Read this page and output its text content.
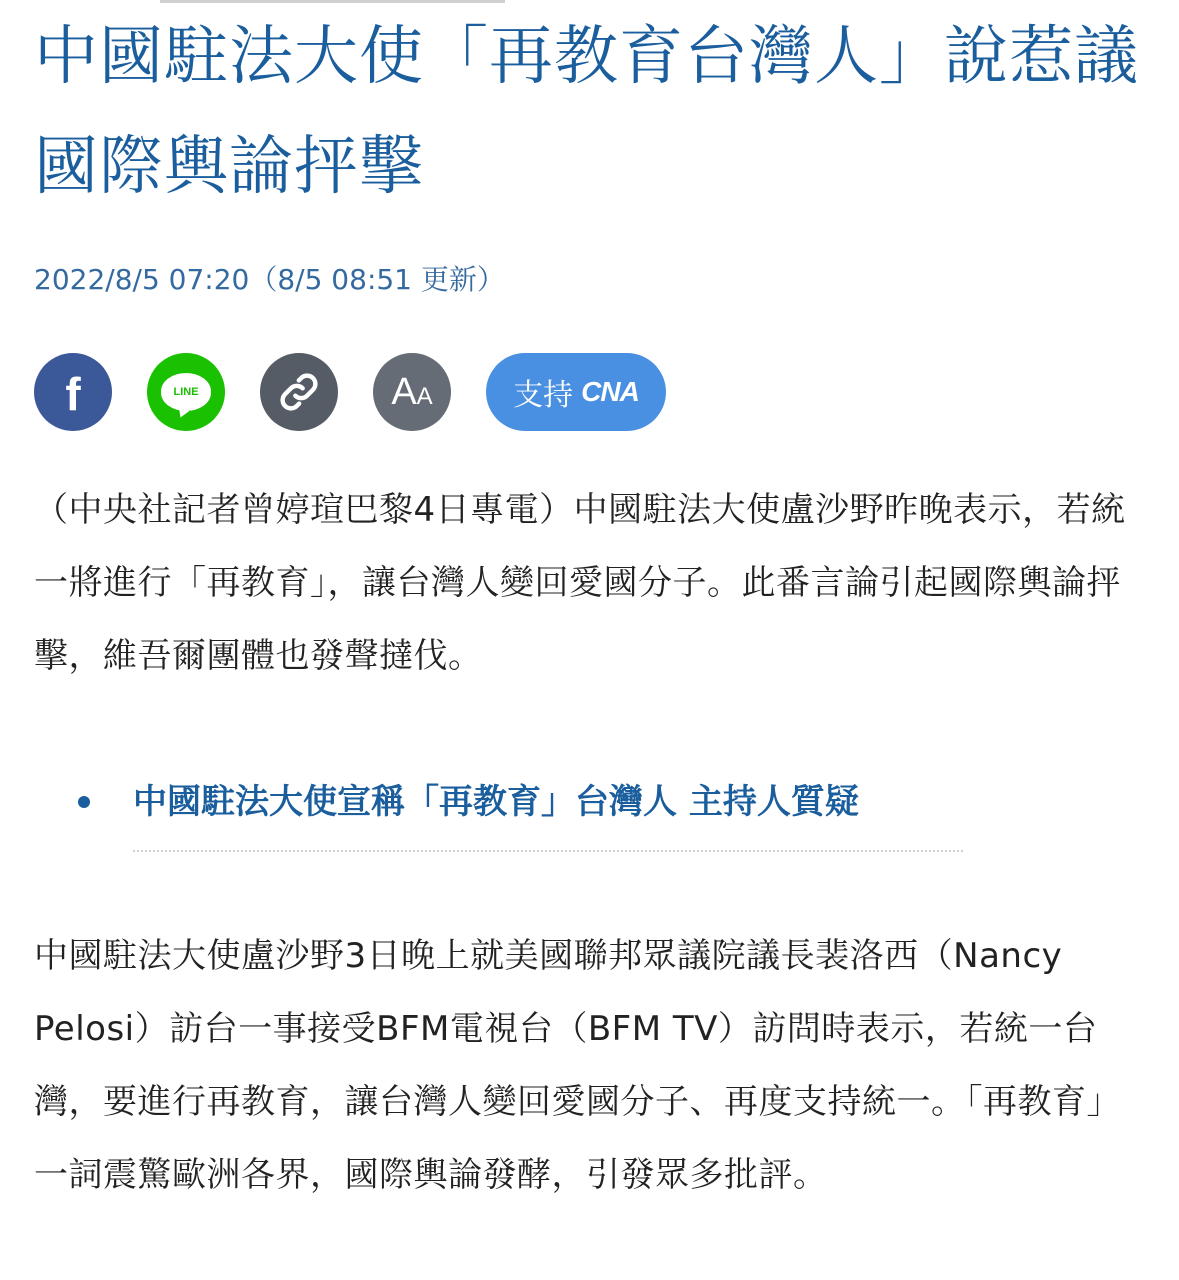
中國駐法大使「再教育台灣人」說惹議 國際輿論抨擊
2022/8/5 07:20（8/5 08:51 更新）
f	LINE	A A	支持 CNA

（中央社記者曾婷瑄巴黎4日專電）中國駐法大使盧沙野昨晚表示，若統一將進行「再教育」，讓台灣人變回愛國分子。此番言論引起國際輿論抨擊，維吾爾團體也發聲撻伐。

中國駐法大使宣稱「再教育」台灣人 主持人質疑

中國駐法大使盧沙野3日晚上就美國聯邦眾議院議長裴洛西（Nancy Pelosi）訪台一事接受BFM電視台（BFM TV）訪問時表示，若統一台灣，要進行再教育，讓台灣人變回愛國分子、再度支持統一。「再教育」一詞震驚歐洲各界，國際輿論發酵，引發眾多批評。
